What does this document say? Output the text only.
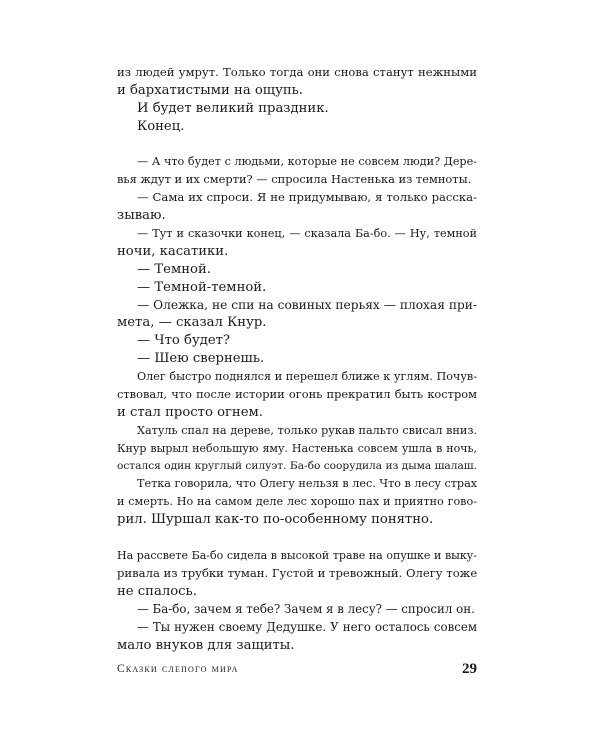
из людей умрут. Только тогда они снова станут нежными
и бархатистыми на ощупь.
И будет великий праздник.
Конец.
— А что будет с людьми, которые не совсем люди? Дере-
вья ждут и их смерти? — спросила Настенька из темноты.
— Сама их спроси. Я не придумываю, я только расска-
зываю.
— Тут и сказочки конец, — сказала Ба-бо. — Ну, темной
ночи, касатики.
— Темной.
— Темной-темной.
— Олежка, не спи на совиных перьях — плохая при-
мета, — сказал Кнур.
— Что будет?
— Шею свернешь.
Олег быстро поднялся и перешел ближе к углям. Почув-
ствовал, что после истории огонь прекратил быть костром
и стал просто огнем.
Хатуль спал на дереве, только рукав пальто свисал вниз.
Кнур вырыл небольшую яму. Настенька совсем ушла в ночь,
остался один круглый силуэт. Ба-бо соорудила из дыма шалаш.
Тетка говорила, что Олегу нельзя в лес. Что в лесу страх
и смерть. Но на самом деле лес хорошо пах и приятно гово-
рил. Шуршал как-то по-особенному понятно.
На рассвете Ба-бо сидела в высокой траве на опушке и выку-
ривала из трубки туман. Густой и тревожный. Олегу тоже
не спалось.
— Ба-бо, зачем я тебе? Зачем я в лесу? — спросил он.
— Ты нужен своему Дедушке. У него осталось совсем
мало внуков для защиты.
Сказки слепого мира	29
